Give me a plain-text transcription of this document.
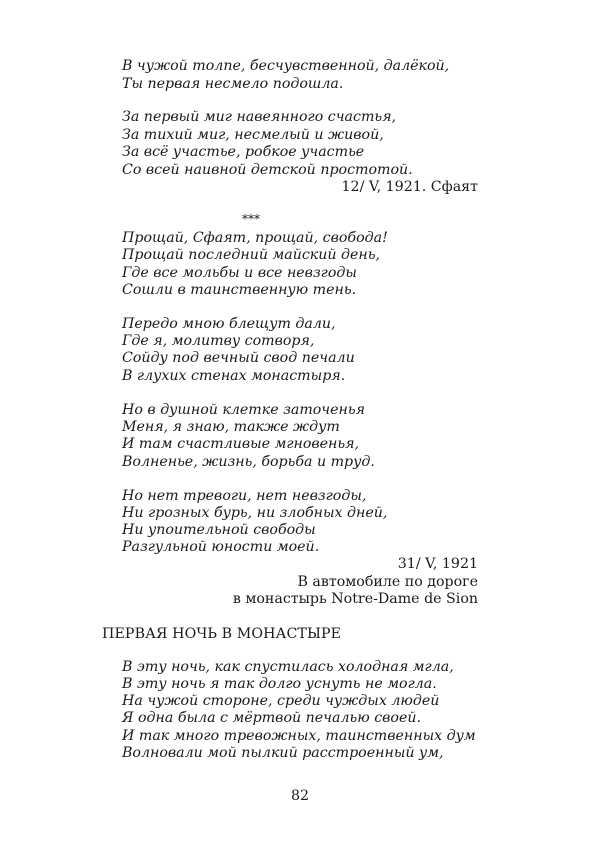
В чужой толпе, бесчувственной, далёкой,
Ты первая несмело подошла.
За первый миг навеянного счастья,
За тихий миг, несмелый и живой,
За всё участье, робкое участье
Со всей наивной детской простотой.
12/ V, 1921. Сфаят
***
Прощай, Сфаят, прощай, свобода!
Прощай последний майский день,
Где все мольбы и все невзгоды
Сошли в таинственную тень.
Передо мною блещут дали,
Где я, молитву сотворя,
Сойду под вечный свод печали
В глухих стенах монастыря.
Но в душной клетке заточенья
Меня, я знаю, также ждут
И там счастливые мгновенья,
Волненье, жизнь, борьба и труд.
Но нет тревоги, нет невзгоды,
Ни грозных бурь, ни злобных дней,
Ни упоительной свободы
Разгульной юности моей.
31/ V, 1921
В автомобиле по дороге
в монастырь Notre-Dame de Sion
ПЕРВАЯ НОЧЬ В МОНАСТЫРЕ
В эту ночь, как спустилась холодная мгла,
В эту ночь я так долго уснуть не могла.
На чужой стороне, среди чуждых людей
Я одна была с мёртвой печалью своей.
И так много тревожных, таинственных дум
Волновали мой пылкий расстроенный ум,
82
